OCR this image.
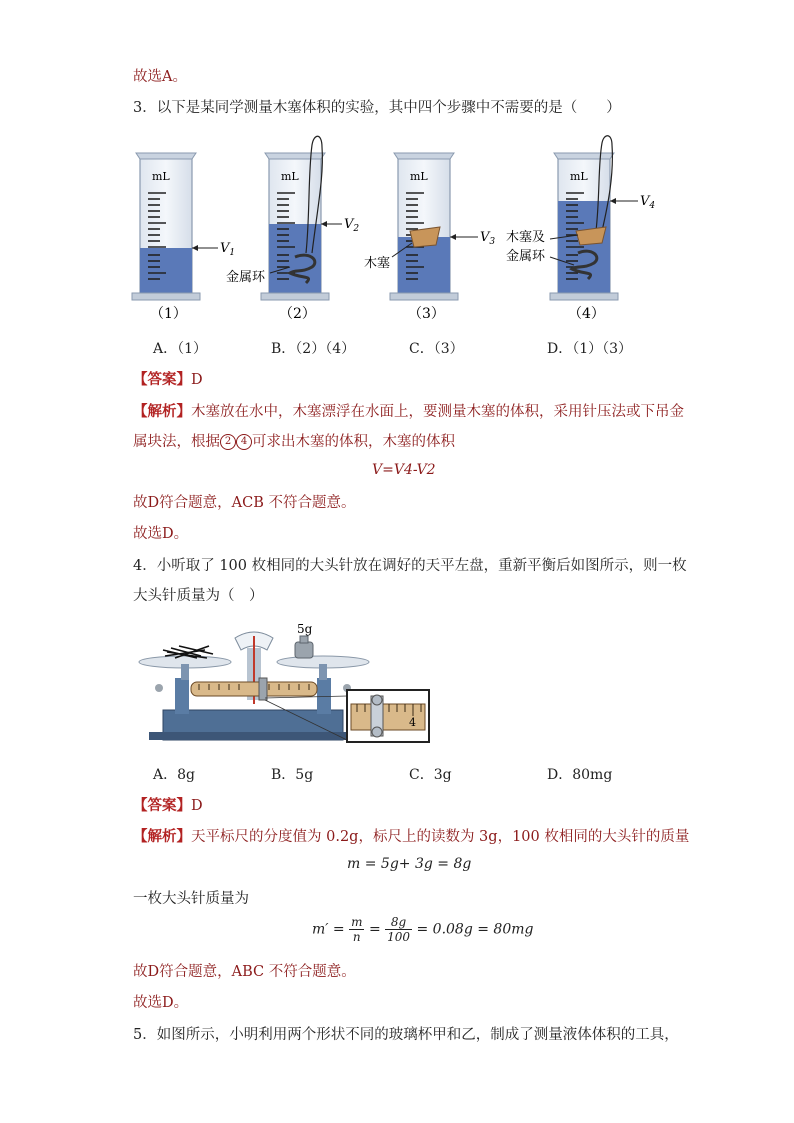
故选A。
3．以下是某同学测量木塞体积的实验，其中四个步骤中不需要的是（　　）
mL
$V_1$
（1）
mL
$V_2$
金属环
（2）
mL
$V_3$
木塞
（3）
mL
$V_4$
木塞及
金属环
（4）
A．（1）	B．（2）（4）	C．（3）	D．（1）（3）
【答案】D
【解析】木塞放在水中，木塞漂浮在水面上，要测量木塞的体积，采用针压法或下吊金
属块法，根据 2 4 可求出木塞的体积，木塞的体积
V=V4-V2
故D符合题意，ACB 不符合题意。
故选D。
4．小听取了 100 枚相同的大头针放在调好的天平左盘，重新平衡后如图所示，则一枚
大头针质量为（　）
5g
4
A．8g	B．5g	C．3g	D．80mg
【答案】D
【解析】天平标尺的分度值为 0.2g，标尺上的读数为 3g，100 枚相同的大头针的质量
m = 5g+ 3g = 8g
一枚大头针质量为
$m' = \frac{m}{n} = \frac{8g}{100} = 0.08g = 80mg$
故D符合题意，ABC 不符合题意。
故选D。
5．如图所示，小明利用两个形状不同的玻璃杯甲和乙，制成了测量液体体积的工具，
